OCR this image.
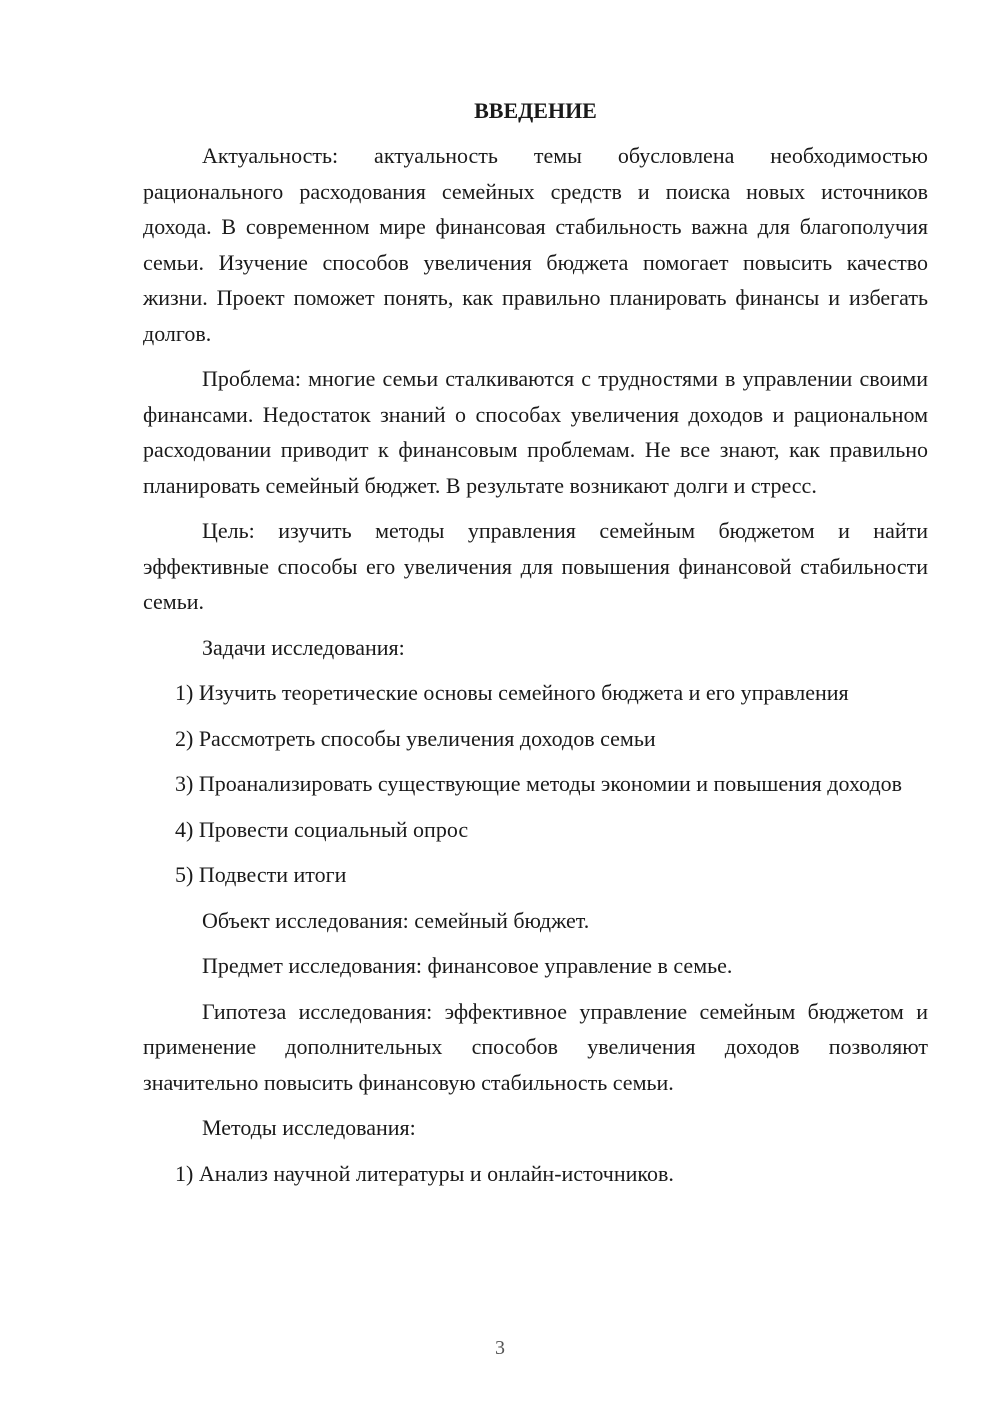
ВВЕДЕНИЕ

Актуальность: актуальность темы обусловлена необходимостью рационального расходования семейных средств и поиска новых источников дохода. В современном мире финансовая стабильность важна для благополучия семьи. Изучение способов увеличения бюджета помогает повысить качество жизни. Проект поможет понять, как правильно планировать финансы и избегать долгов.

Проблема: многие семьи сталкиваются с трудностями в управлении своими финансами. Недостаток знаний о способах увеличения доходов и рациональном расходовании приводит к финансовым проблемам. Не все знают, как правильно планировать семейный бюджет. В результате возникают долги и стресс.

Цель: изучить методы управления семейным бюджетом и найти эффективные способы его увеличения для повышения финансовой стабильности семьи.

Задачи исследования:

1) Изучить теоретические основы семейного бюджета и его управления

2) Рассмотреть способы увеличения доходов семьи

3) Проанализировать существующие методы экономии и повышения доходов

4) Провести социальный опрос

5) Подвести итоги

Объект исследования: семейный бюджет.

Предмет исследования: финансовое управление в семье.

Гипотеза исследования: эффективное управление семейным бюджетом и применение дополнительных способов увеличения доходов позволяют значительно повысить финансовую стабильность семьи.

Методы исследования:

1) Анализ научной литературы и онлайн-источников.

3
